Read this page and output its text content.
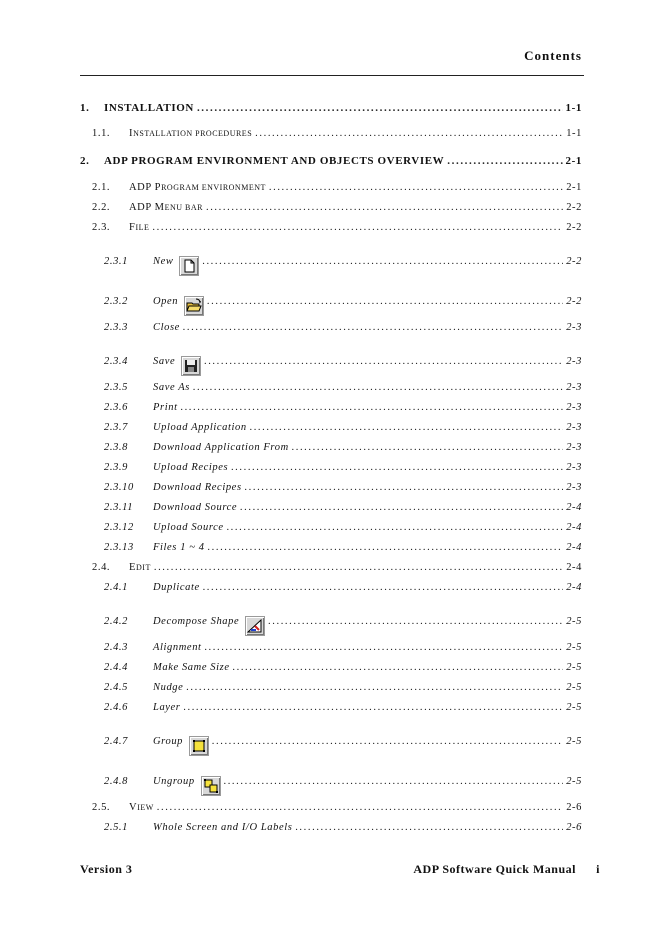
Contents
1.	INSTALLATION .....	1-1
1.1.	INSTALLATION PROCEDURES .....	1-1
2.	ADP PROGRAM ENVIRONMENT AND OBJECTS OVERVIEW .....	2-1
2.1.	ADP PROGRAM ENVIRONMENT .....	2-1
2.2.	ADP MENU BAR .....	2-2
2.3.	FILE .....	2-2
2.3.1	New .....	2-2
2.3.2	Open .....	2-2
2.3.3	Close .....	2-3
2.3.4	Save .....	2-3
2.3.5	Save As .....	2-3
2.3.6	Print .....	2-3
2.3.7	Upload Application .....	2-3
2.3.8	Download Application From .....	2-3
2.3.9	Upload Recipes .....	2-3
2.3.10	Download Recipes .....	2-3
2.3.11	Download Source .....	2-4
2.3.12	Upload Source .....	2-4
2.3.13	Files 1 ~ 4 .....	2-4
2.4.	EDIT .....	2-4
2.4.1	Duplicate .....	2-4
2.4.2	Decompose Shape .....	2-5
2.4.3	Alignment .....	2-5
2.4.4	Make Same Size .....	2-5
2.4.5	Nudge .....	2-5
2.4.6	Layer .....	2-5
2.4.7	Group .....	2-5
2.4.8	Ungroup .....	2-5
2.5.	VIEW .....	2-6
2.5.1	Whole Screen and I/O Labels .....	2-6
Version 3	ADP Software Quick Manual i
